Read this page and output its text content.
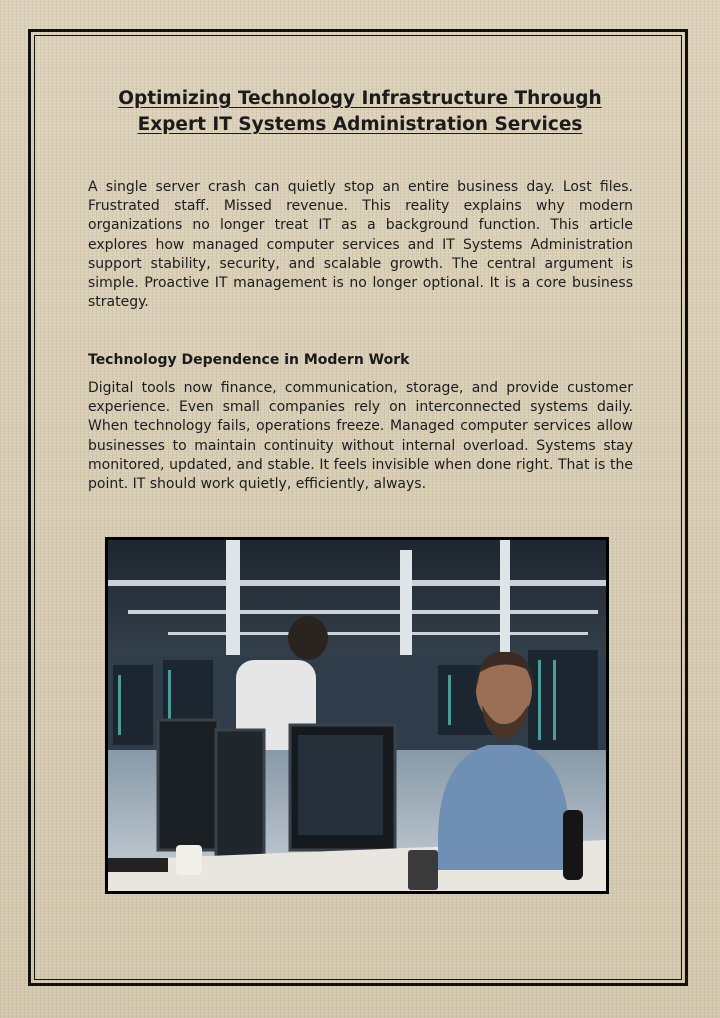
Optimizing Technology Infrastructure Through Expert IT Systems Administration Services

A single server crash can quietly stop an entire business day. Lost files. Frustrated staff. Missed revenue. This reality explains why modern organizations no longer treat IT as a background function. This article explores how managed computer services and IT Systems Administration support stability, security, and scalable growth. The central argument is simple. Proactive IT management is no longer optional. It is a core business strategy.

Technology Dependence in Modern Work

Digital tools now finance, communication, storage, and provide customer experience. Even small companies rely on interconnected systems daily. When technology fails, operations freeze. Managed computer services allow businesses to maintain continuity without internal overload. Systems stay monitored, updated, and stable. It feels invisible when done right. That is the point. IT should work quietly, efficiently, always.
